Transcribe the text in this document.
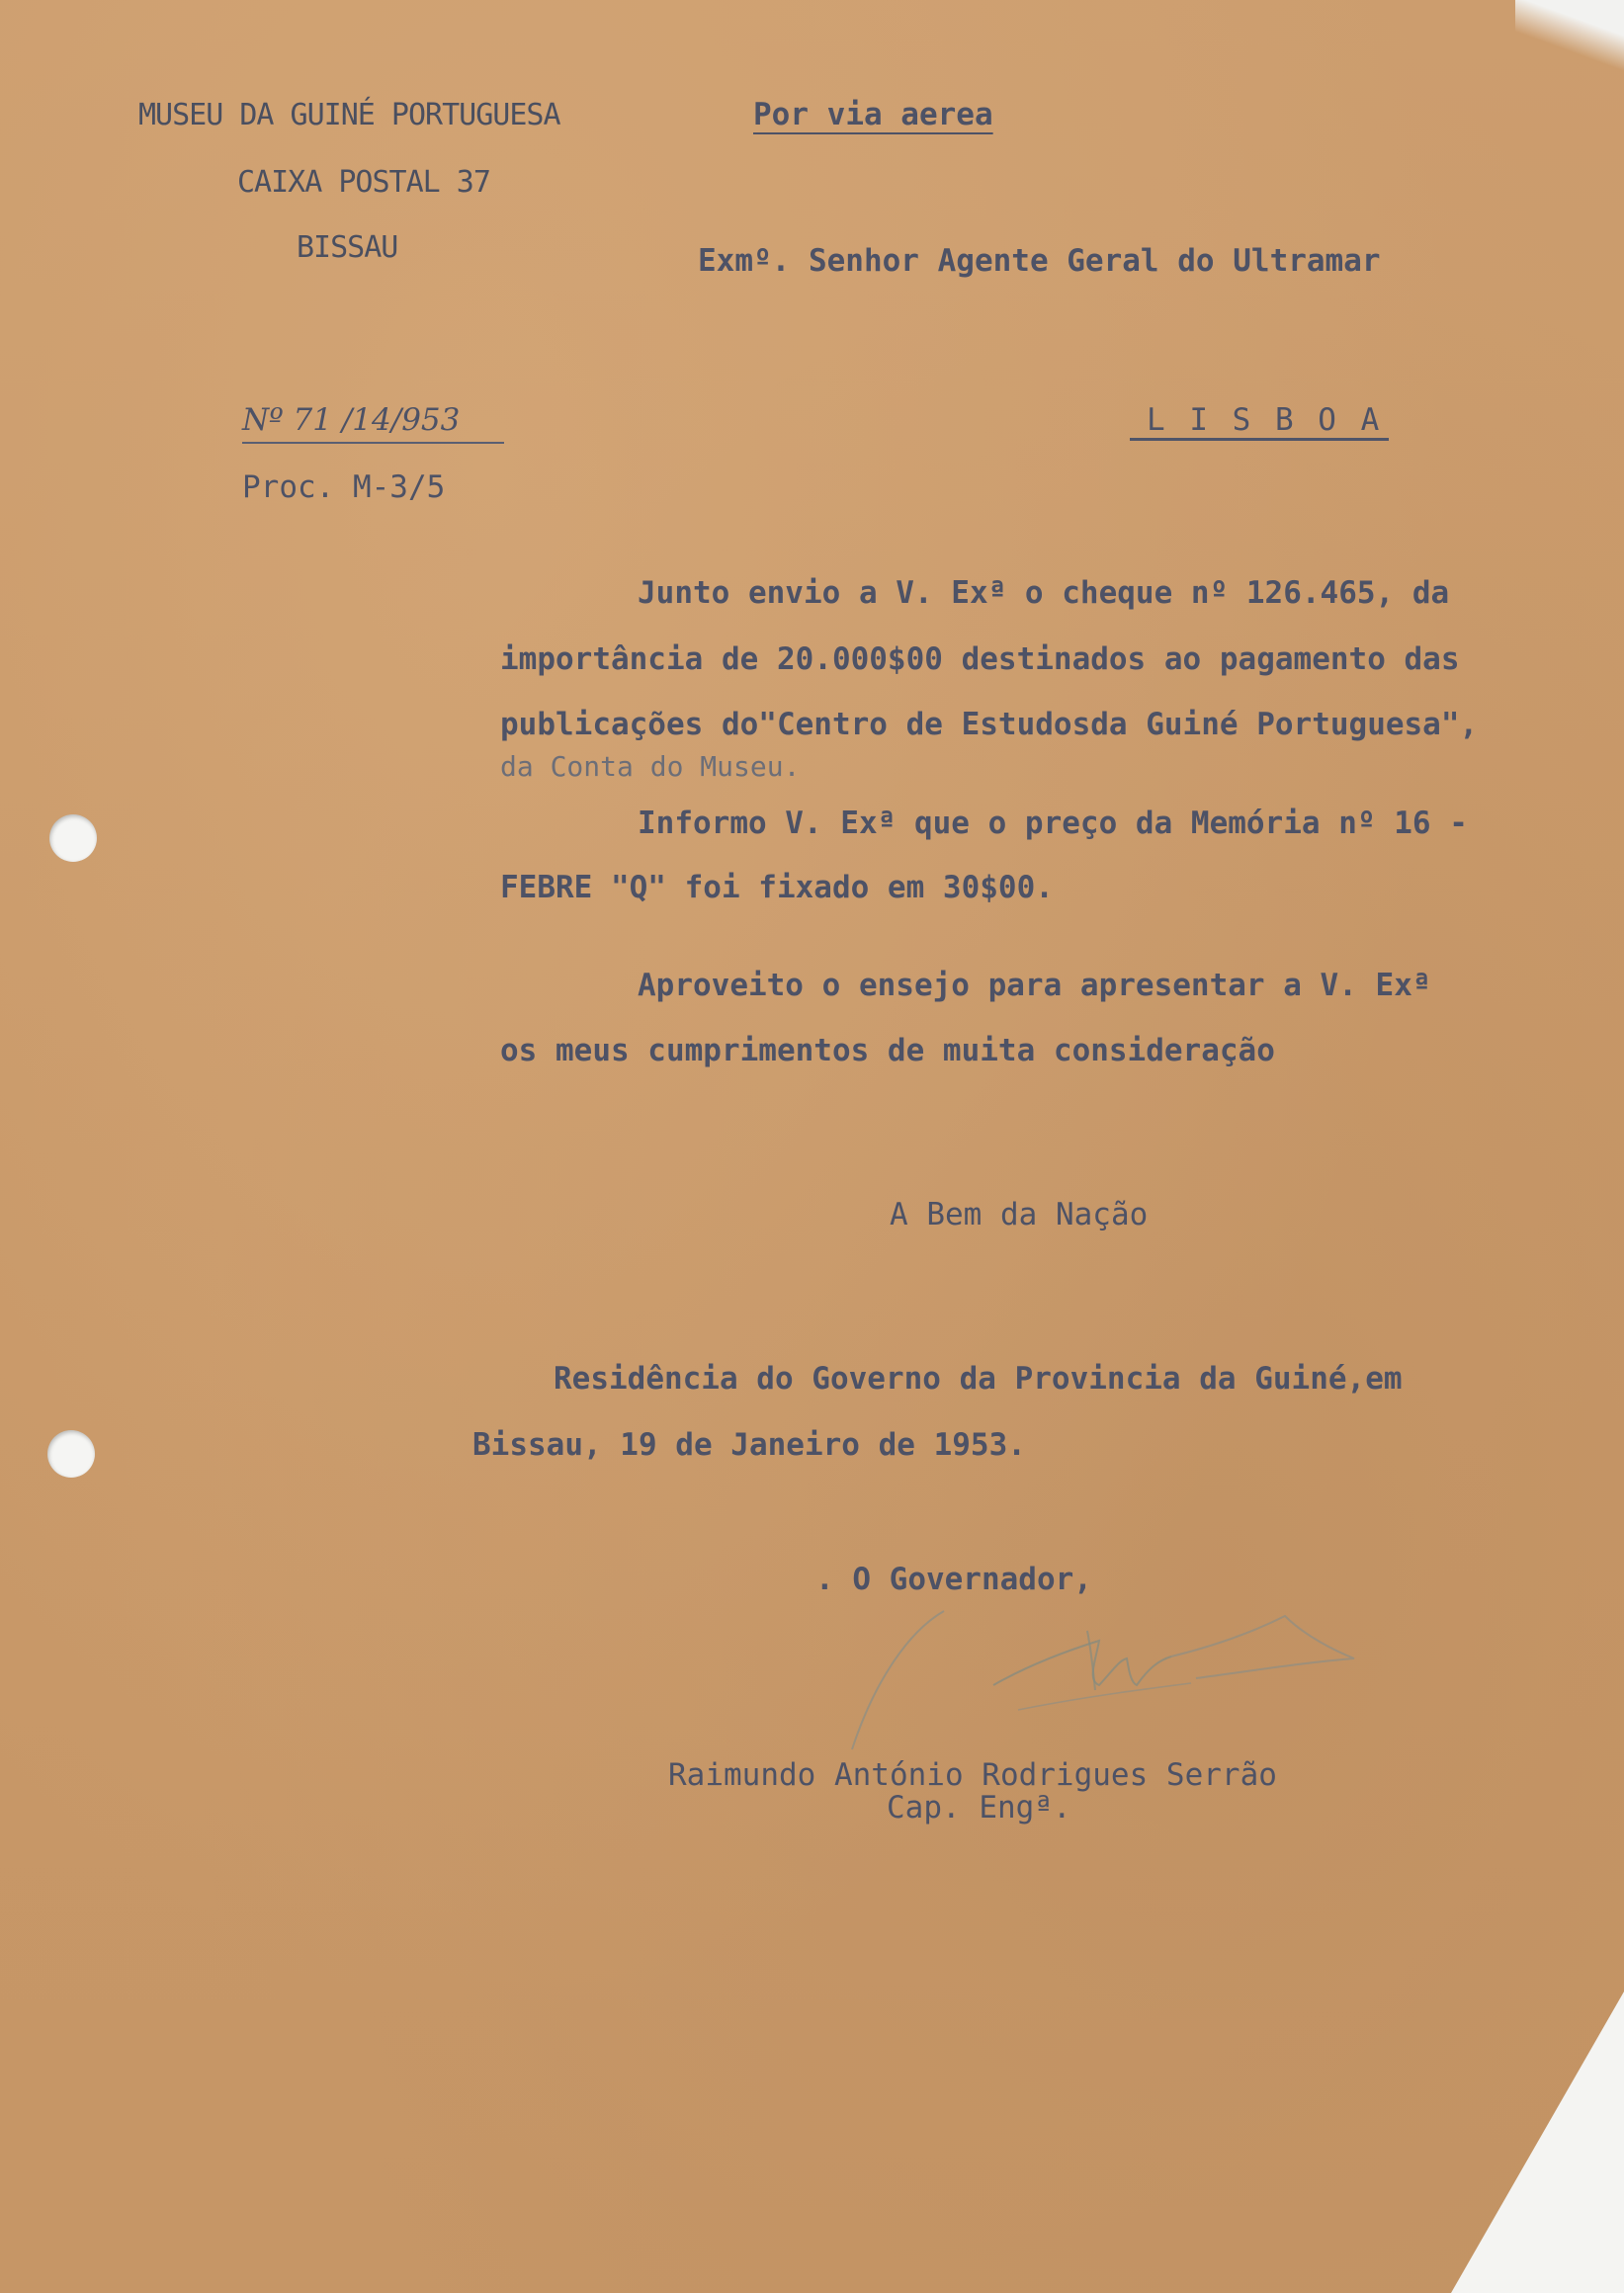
MUSEU DA GUINÉ PORTUGUESA
CAIXA POSTAL 37
BISSAU
Por via aerea
Exmº. Senhor Agente Geral do Ultramar
L I S B O A
Nº 71 /14/953
Proc. M-3/5
Junto envio a V. Exª o cheque nº 126.465, da
importância de 20.000$00 destinados ao pagamento das
publicações do"Centro de Estudosda Guiné Portuguesa",
da Conta do Museu.
Informo V. Exª que o preço da Memória nº 16 -
FEBRE "Q" foi fixado em 30$00.
Aproveito o ensejo para apresentar a V. Exª
os meus cumprimentos de muita consideração
A Bem da Nação
Residência do Governo da Provincia da Guiné,em
Bissau, 19 de Janeiro de 1953.
. O Governador,
Raimundo António Rodrigues Serrão
Cap. Engª.
